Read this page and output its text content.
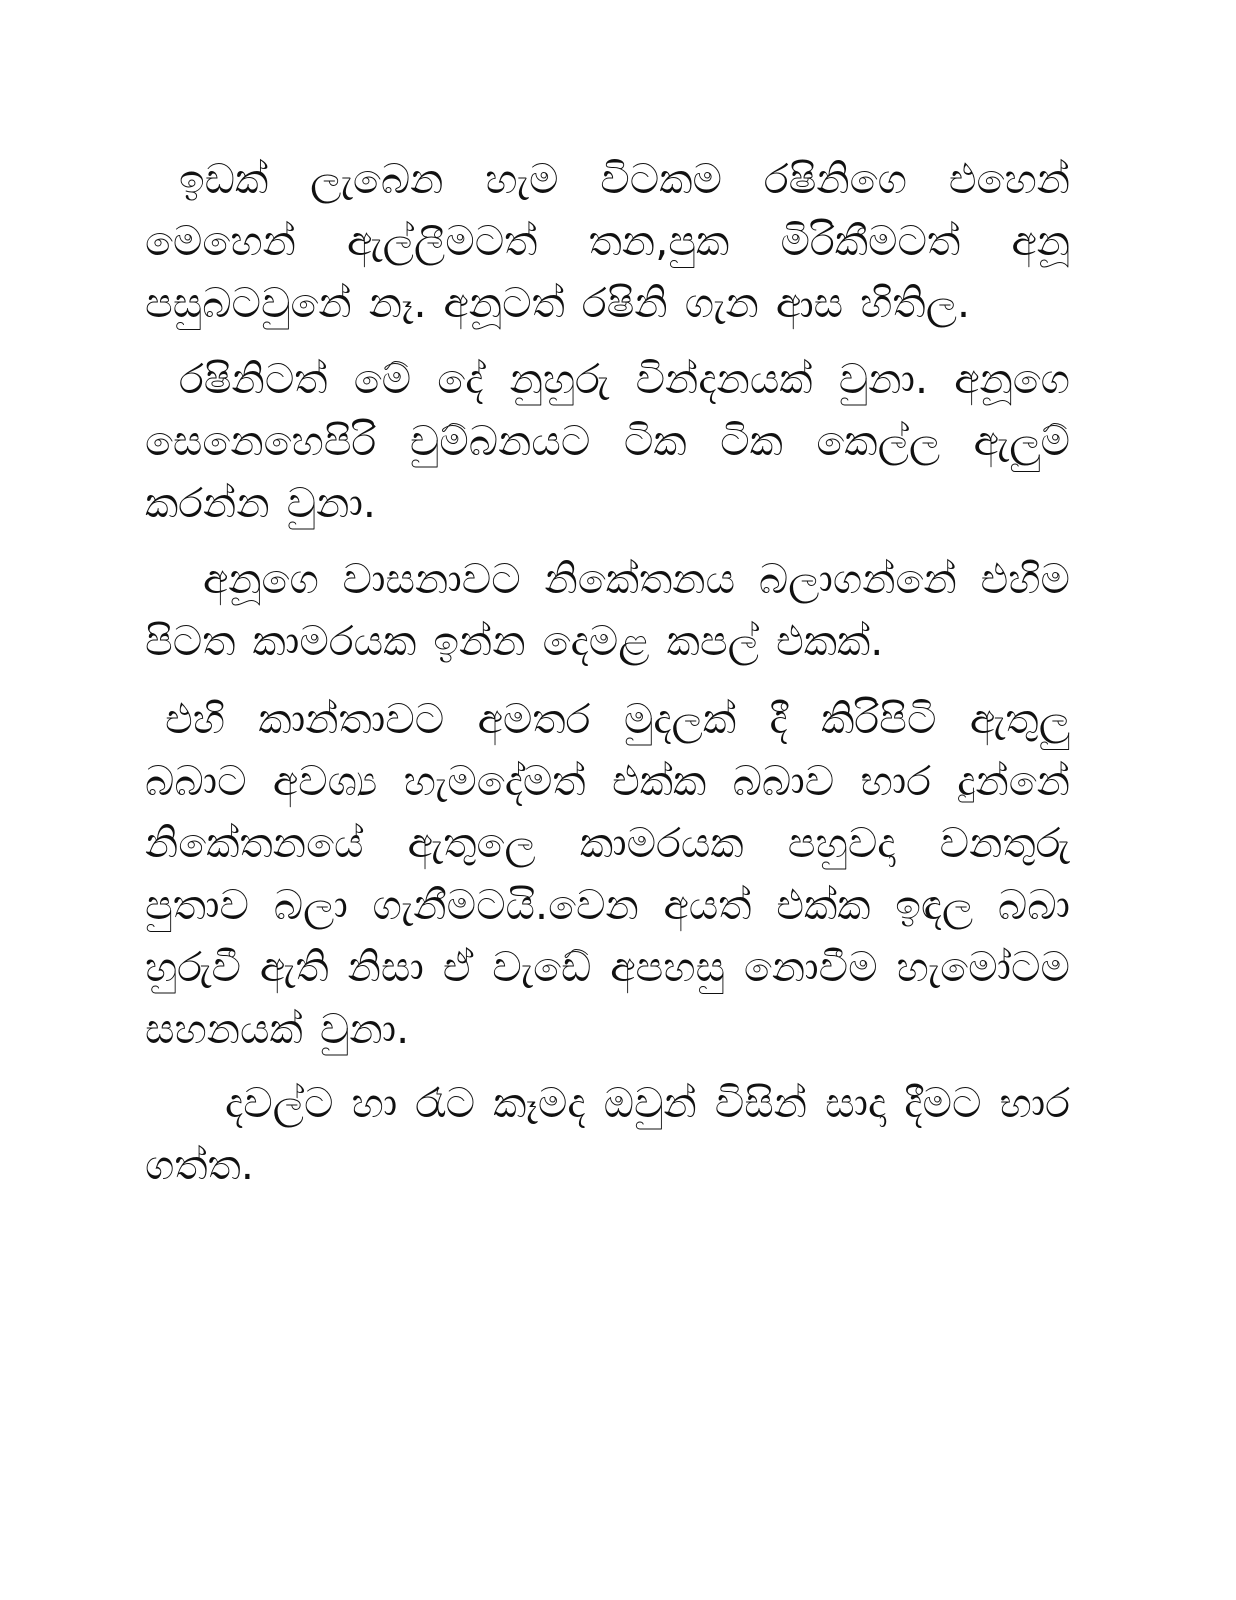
ඉඩක් ලැබෙන හැම විටකම රෂිනිගෙ එහෙන් මෙහෙන් ඇල්ලීමටත් තන,පුක මිරිකීමටත් අනූ පසුබටවුනේ නෑ. අනූටත් රෂිනි ගැන ආස හිතිල.

රෂිනිටත් මේ දේ නුහුරු වින්දනයක් වුනා. අනූගෙ සෙනෙහෙපිරි චුම්බනයට ටික ටික කෙල්ල ඇලුම් කරන්න වුනා.

අනූගෙ වාසනාවට නිකේතනය බලාගන්නේ එහිම පිටත කාමරයක ඉන්න දෙමළ කපල් එකක්.

එහි කාන්තාවට අමතර මුදලක් දී කිරිපිටි ඇතුලු බබාට අවශ්‍ය හැමදේමත් එක්ක බබාව භාර දුන්නේ නිකේතනයේ ඇතුලෙ කාමරයක පහුවදා වනතුරු පුතාව බලා ගැනීමටයි.වෙන අයත් එක්ක ඉඳල බබා හුරුවී ඇති නිසා ඒ වැඩේ අපහසු නොවීම හැමෝටම සහනයක් වුනා.

දවල්ට හා රෑට කෑමද ඔවුන් විසින් සාදා දීමට භාර ගත්ත.
